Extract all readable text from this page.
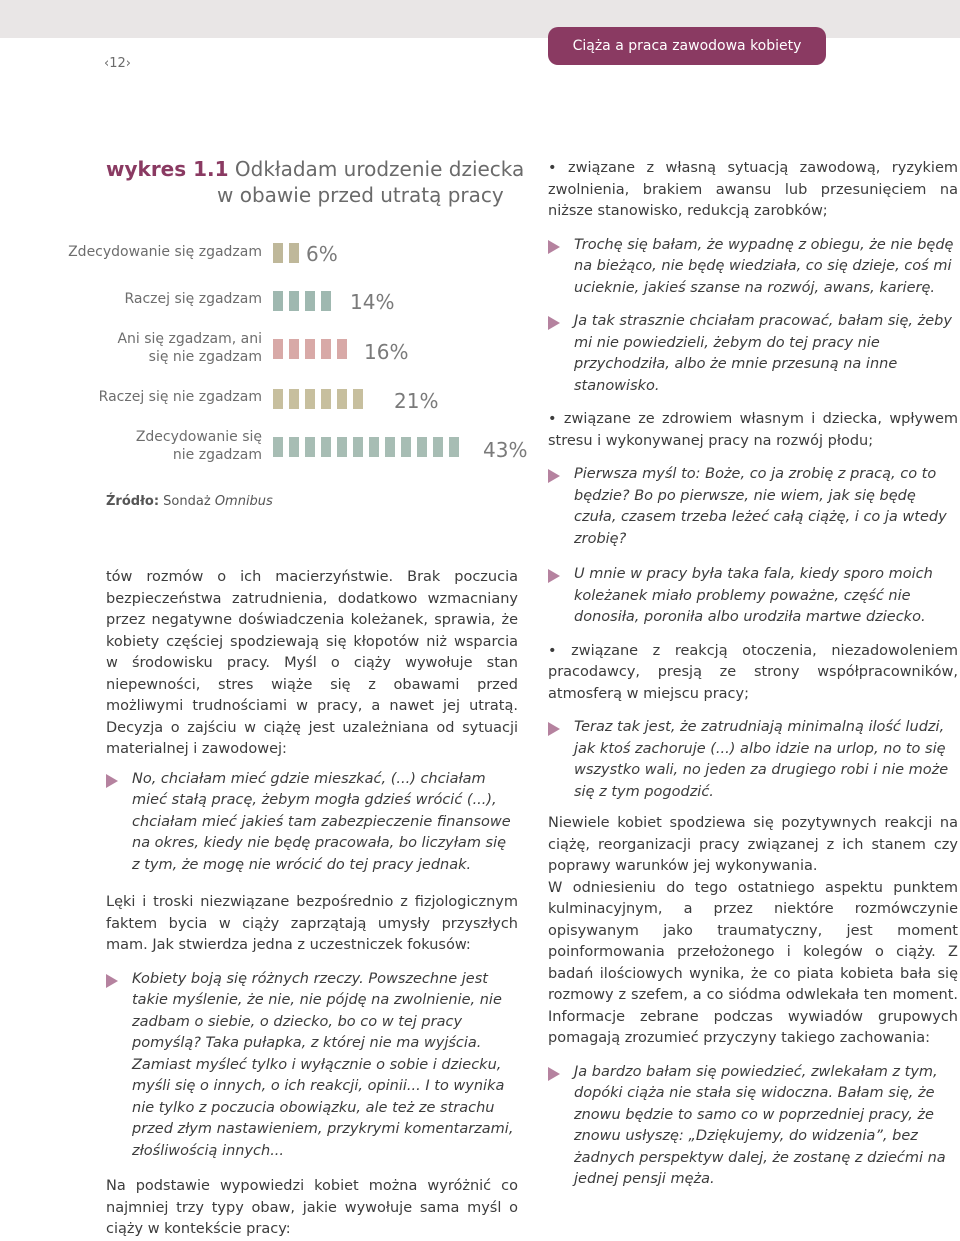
Ciąża a praca zawodowa kobiety
‹12›
wykres 1.1 Odkładam urodzenie dziecka
w obawie przed utratą pracy
Zdecydowanie się zgadzam
Raczej się zgadzam
Ani się zgadzam, ani się nie zgadzam
Raczej się nie zgadzam
Zdecydowanie się nie zgadzam
6%
14%
16%
21%
43%
Źródło: Sondaż Omnibus

tów rozmów o ich macierzyństwie. Brak poczucia bezpieczeństwa zatrudnienia, dodatkowo wzmacniany przez negatywne doświadczenia koleżanek, sprawia, że kobiety częściej spodziewają się kłopotów niż wsparcia w środowisku pracy. Myśl o ciąży wywołuje stan niepewności, stres wiąże się z obawami przed możliwymi trudnościami w pracy, a nawet jej utratą. Decyzja o zajściu w ciążę jest uzależniana od sytuacji materialnej i zawodowej:

No, chciałam mieć gdzie mieszkać, (...) chciałam mieć stałą pracę, żebym mogła gdzieś wrócić (...), chciałam mieć jakieś tam zabezpieczenie finansowe na okres, kiedy nie będę pracowała, bo liczyłam się z tym, że mogę nie wrócić do tej pracy jednak.

Lęki i troski niezwiązane bezpośrednio z fizjologicznym faktem bycia w ciąży zaprzątają umysły przyszłych mam. Jak stwierdza jedna z uczestniczek fokusów:

Kobiety boją się różnych rzeczy. Powszechne jest takie myślenie, że nie, nie pójdę na zwolnienie, nie zadbam o siebie, o dziecko, bo co w tej pracy pomyślą? Taka pułapka, z której nie ma wyjścia. Zamiast myśleć tylko i wyłącznie o sobie i dziecku, myśli się o innych, o ich reakcji, opinii... I to wynika nie tylko z poczucia obowiązku, ale też ze strachu przed złym nastawieniem, przykrymi komentarzami, złośliwością innych...

Na podstawie wypowiedzi kobiet można wyróżnić co najmniej trzy typy obaw, jakie wywołuje sama myśl o ciąży w kontekście pracy:

• związane z własną sytuacją zawodową, ryzykiem zwolnienia, brakiem awansu lub przesunięciem na niższe stanowisko, redukcją zarobków;

Trochę się bałam, że wypadnę z obiegu, że nie będę na bieżąco, nie będę wiedziała, co się dzieje, coś mi ucieknie, jakieś szanse na rozwój, awans, karierę.

Ja tak strasznie chciałam pracować, bałam się, żeby mi nie powiedzieli, żebym do tej pracy nie przychodziła, albo że mnie przesuną na inne stanowisko.

• związane ze zdrowiem własnym i dziecka, wpływem stresu i wykonywanej pracy na rozwój płodu;

Pierwsza myśl to: Boże, co ja zrobię z pracą, co to będzie? Bo po pierwsze, nie wiem, jak się będę czuła, czasem trzeba leżeć całą ciążę, i co ja wtedy zrobię?

U mnie w pracy była taka fala, kiedy sporo moich koleżanek miało problemy poważne, część nie donosiła, poroniła albo urodziła martwe dziecko.

• związane z reakcją otoczenia, niezadowoleniem pracodawcy, presją ze strony współpracowników, atmosferą w miejscu pracy;

Teraz tak jest, że zatrudniają minimalną ilość ludzi, jak ktoś zachoruje (...) albo idzie na urlop, no to się wszystko wali, no jeden za drugiego robi i nie może się z tym pogodzić.

Niewiele kobiet spodziewa się pozytywnych reakcji na ciążę, reorganizacji pracy związanej z ich stanem czy poprawy warunków jej wykonywania.

W odniesieniu do tego ostatniego aspektu punktem kulminacyjnym, a przez niektóre rozmówczynie opisywanym jako traumatyczny, jest moment poinformowania przełożonego i kolegów o ciąży. Z badań ilościowych wynika, że co piata kobieta bała się rozmowy z szefem, a co siódma odwlekała ten moment. Informacje zebrane podczas wywiadów grupowych pomagają zrozumieć przyczyny takiego zachowania:

Ja bardzo bałam się powiedzieć, zwlekałam z tym, dopóki ciąża nie stała się widoczna. Bałam się, że znowu będzie to samo co w poprzedniej pracy, że znowu usłyszę: „Dziękujemy, do widzenia”, bez żadnych perspektyw dalej, że zostanę z dziećmi na jednej pensji męża.
